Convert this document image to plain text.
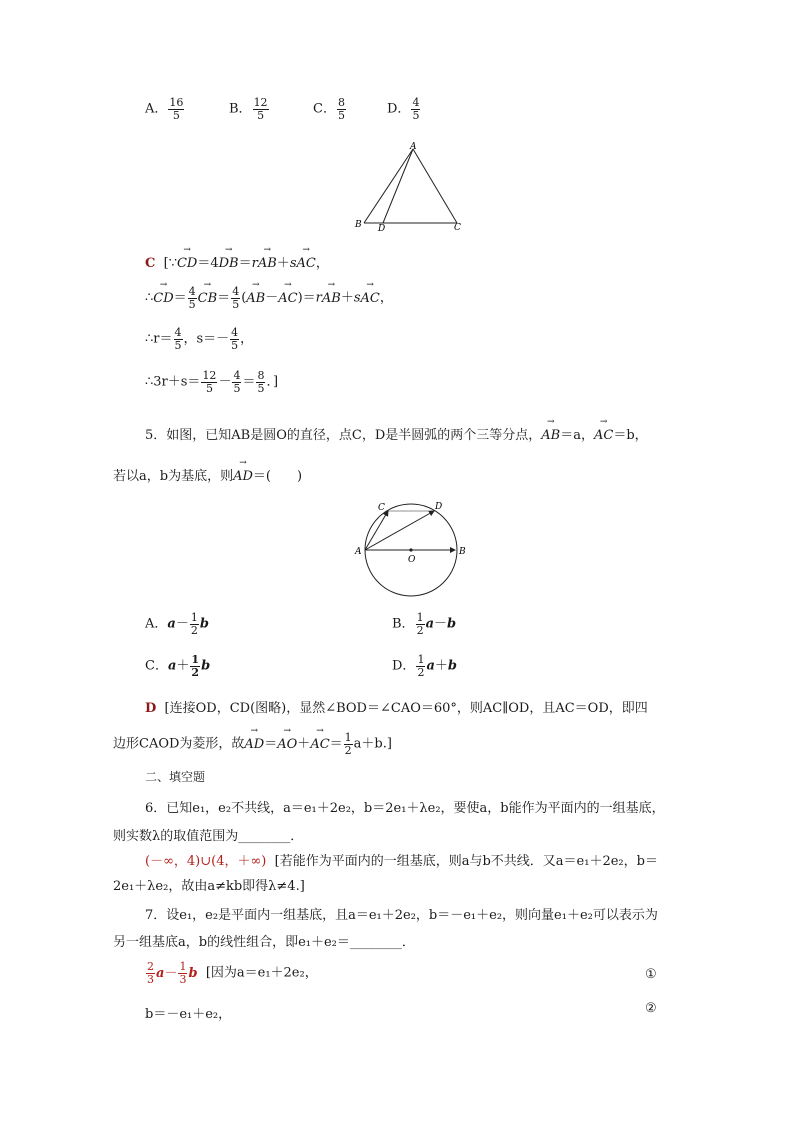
A． $\frac{16}{5}$	B． $\frac{12}{5}$	C． $\frac{8}{5}$	D． $\frac{4}{5}$
A
B D	C
C [∵→ CD＝4→ DB＝r→ AB＋s→ AC，
∴→ $CD= \frac{4}{5}$
→ $CB= \frac{4}{5}$ (→ AB－→ AC)＝r→ AB＋s→ AC，
∴r＝ $\frac{4}{5}$ ，$s=- \frac{4}{5}$ ，
∴3r＋s＝ $\frac{12}{5} - \frac{4}{5} = \frac{8}{5}$ ．]
5．如图，已知AB是圆O的直径，点C，D是半圆弧的两个三等分点，→ AB＝a，→ AC＝b，
若以a，b为基底，则→ AD＝(　　)
C	D
A	B
O
A．$a- \frac{1}{2}$ b	B． $\frac{1}{2} a-b$
C．$a+ \frac{1}{2}$ b	D． $\frac{1}{2} a+b$
D [连接OD，CD(图略)，显然∠BOD＝∠CAO＝60°，则AC∥OD，且AC＝OD，即四
边形CAOD为菱形，故→ $AD=\to AO+\to AC= \frac{1}{2} a+b$.]
二、填空题
6．已知e₁，e₂不共线，a＝e₁＋2e₂，b＝2e₁＋λe₂，要使a，b能作为平面内的一组基底，
则实数λ的取值范围为________．
(－∞，4)∪(4，＋∞) [若能作为平面内的一组基底，则a与b不共线．又a＝e₁＋2e₂，b＝
2e₁＋λe₂，故由a≠kb即得λ≠4.]
7．设e₁，e₂是平面内一组基底，且a＝e₁＋2e₂，b＝－e₁＋e₂，则向量e₁＋e₂可以表示为
另一组基底a，b的线性组合，即e₁＋e₂＝________．
$\frac{2}{3} a- \frac{1}{3}$ b [因为a＝e₁＋2e₂，	①
b＝－e₁＋e₂，	②
